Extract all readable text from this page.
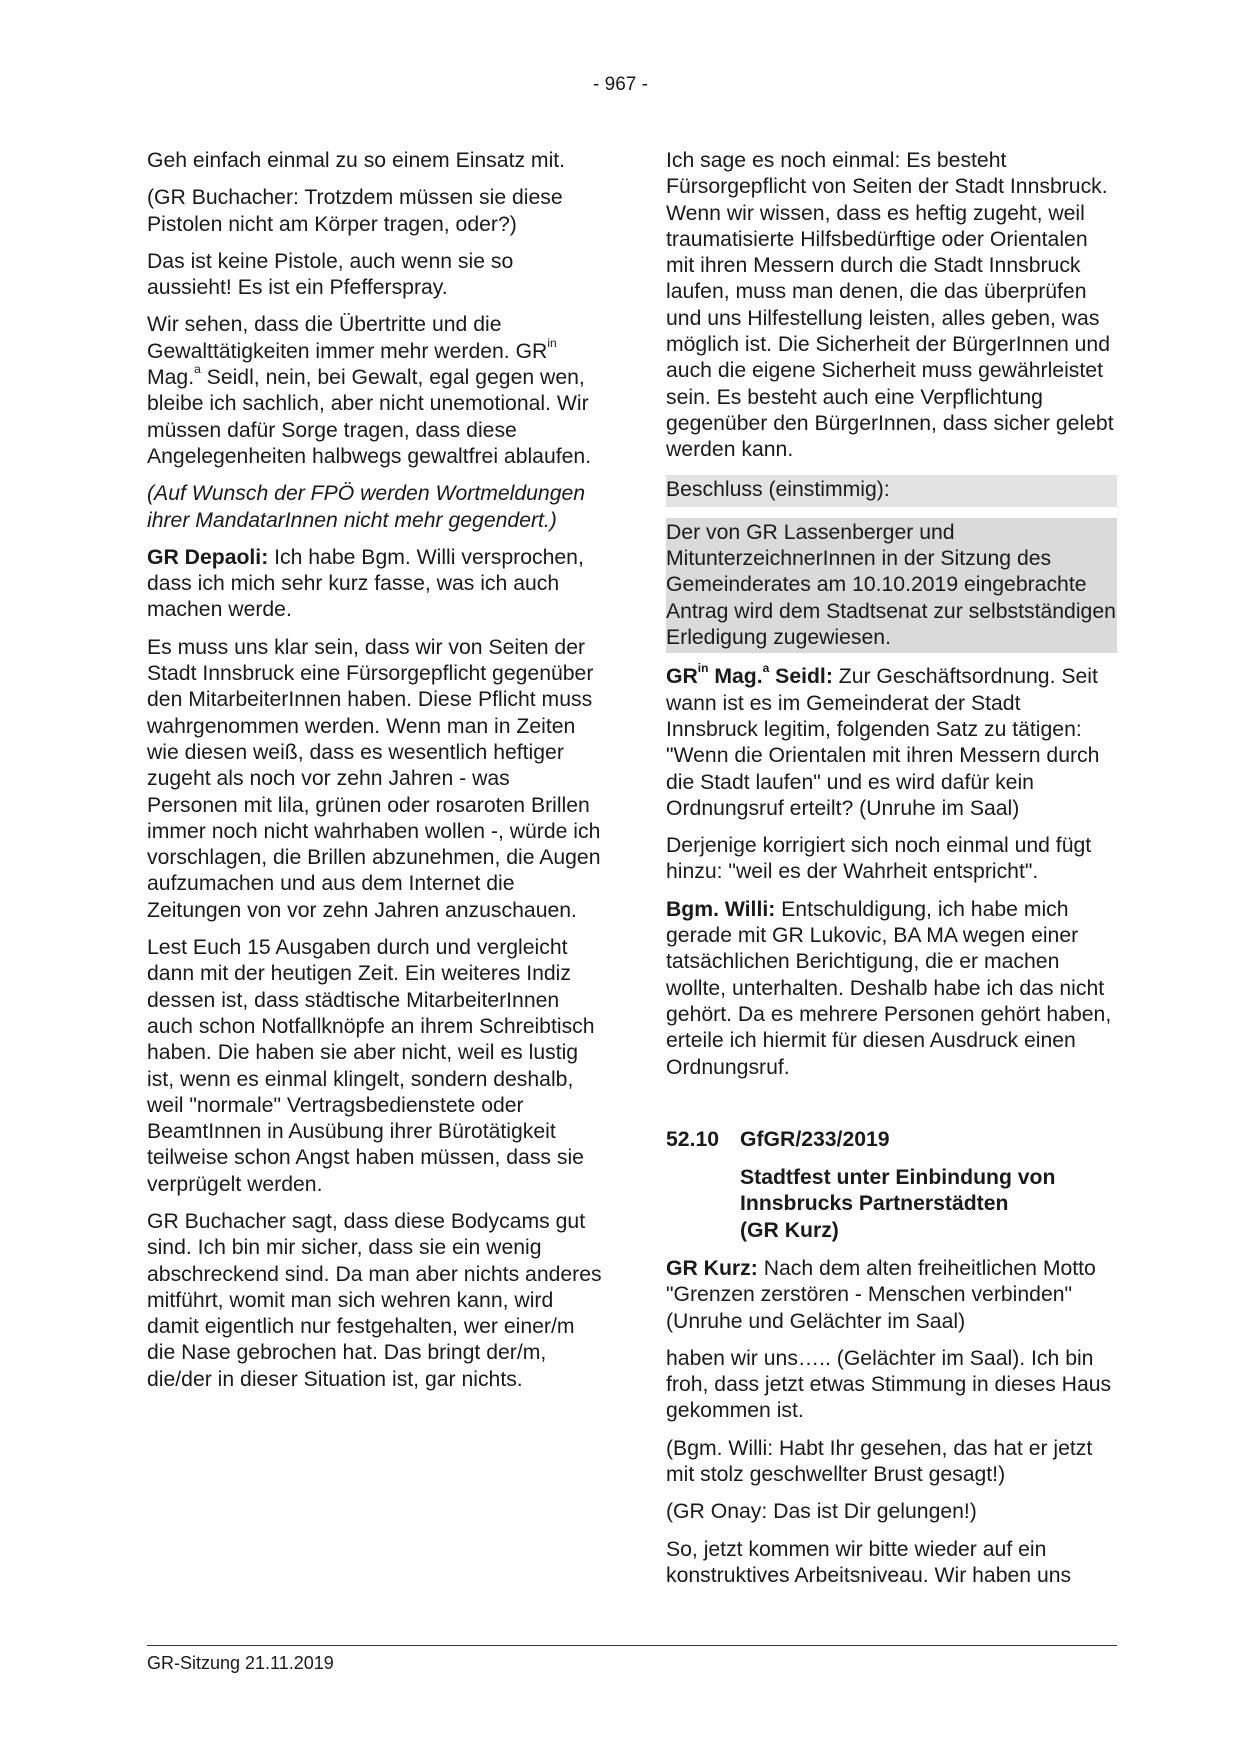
- 967 -

Geh einfach einmal zu so einem Einsatz mit.

(GR Buchacher: Trotzdem müssen sie diese Pistolen nicht am Körper tragen, oder?)

Das ist keine Pistole, auch wenn sie so aussieht! Es ist ein Pfefferspray.

Wir sehen, dass die Übertritte und die Gewalttätigkeiten immer mehr werden. $GR^{in}$ Mag.$^a$ Seidl, nein, bei Gewalt, egal gegen wen, bleibe ich sachlich, aber nicht unemotional. Wir müssen dafür Sorge tragen, dass diese Angelegenheiten halbwegs gewaltfrei ablaufen.

(Auf Wunsch der FPÖ werden Wortmeldungen ihrer MandatarInnen nicht mehr gegendert.)

GR Depaoli: Ich habe Bgm. Willi versprochen, dass ich mich sehr kurz fasse, was ich auch machen werde.

Es muss uns klar sein, dass wir von Seiten der Stadt Innsbruck eine Fürsorgepflicht gegenüber den MitarbeiterInnen haben. Diese Pflicht muss wahrgenommen werden. Wenn man in Zeiten wie diesen weiß, dass es wesentlich heftiger zugeht als noch vor zehn Jahren - was Personen mit lila, grünen oder rosaroten Brillen immer noch nicht wahrhaben wollen -, würde ich vorschlagen, die Brillen abzunehmen, die Augen aufzumachen und aus dem Internet die Zeitungen von vor zehn Jahren anzuschauen.

Lest Euch 15 Ausgaben durch und vergleicht dann mit der heutigen Zeit. Ein weiteres Indiz dessen ist, dass städtische MitarbeiterInnen auch schon Notfallknöpfe an ihrem Schreibtisch haben. Die haben sie aber nicht, weil es lustig ist, wenn es einmal klingelt, sondern deshalb, weil "normale" Vertragsbedienstete oder BeamtInnen in Ausübung ihrer Bürotätigkeit teilweise schon Angst haben müssen, dass sie verprügelt werden.

GR Buchacher sagt, dass diese Bodycams gut sind. Ich bin mir sicher, dass sie ein wenig abschreckend sind. Da man aber nichts anderes mitführt, womit man sich wehren kann, wird damit eigentlich nur festgehalten, wer einer/m die Nase gebrochen hat. Das bringt der/m, die/der in dieser Situation ist, gar nichts.

Ich sage es noch einmal: Es besteht Fürsorgepflicht von Seiten der Stadt Innsbruck. Wenn wir wissen, dass es heftig zugeht, weil traumatisierte Hilfsbedürftige oder Orientalen mit ihren Messern durch die Stadt Innsbruck laufen, muss man denen, die das überprüfen und uns Hilfestellung leisten, alles geben, was möglich ist. Die Sicherheit der BürgerInnen und auch die eigene Sicherheit muss gewährleistet sein. Es besteht auch eine Verpflichtung gegenüber den BürgerInnen, dass sicher gelebt werden kann.

Beschluss (einstimmig):

Der von GR Lassenberger und MitunterzeichnerInnen in der Sitzung des Gemeinderates am 10.10.2019 eingebrachte Antrag wird dem Stadtsenat zur selbstständigen Erledigung zugewiesen.

$GR^{in}$ Mag.$^a$ Seidl: Zur Geschäftsordnung. Seit wann ist es im Gemeinderat der Stadt Innsbruck legitim, folgenden Satz zu tätigen: "Wenn die Orientalen mit ihren Messern durch die Stadt laufen" und es wird dafür kein Ordnungsruf erteilt? (Unruhe im Saal)

Derjenige korrigiert sich noch einmal und fügt hinzu: "weil es der Wahrheit entspricht".

Bgm. Willi: Entschuldigung, ich habe mich gerade mit GR Lukovic, BA MA wegen einer tatsächlichen Berichtigung, die er machen wollte, unterhalten. Deshalb habe ich das nicht gehört. Da es mehrere Personen gehört haben, erteile ich hiermit für diesen Ausdruck einen Ordnungsruf.

52.10 GfGR/233/2019
Stadtfest unter Einbindung von
Innsbrucks Partnerstädten
(GR Kurz)

GR Kurz: Nach dem alten freiheitlichen Motto "Grenzen zerstören - Menschen verbinden" (Unruhe und Gelächter im Saal)

haben wir uns….. (Gelächter im Saal). Ich bin froh, dass jetzt etwas Stimmung in dieses Haus gekommen ist.

(Bgm. Willi: Habt Ihr gesehen, das hat er jetzt mit stolz geschwellter Brust gesagt!)

(GR Onay: Das ist Dir gelungen!)

So, jetzt kommen wir bitte wieder auf ein konstruktives Arbeitsniveau. Wir haben uns

GR-Sitzung 21.11.2019
